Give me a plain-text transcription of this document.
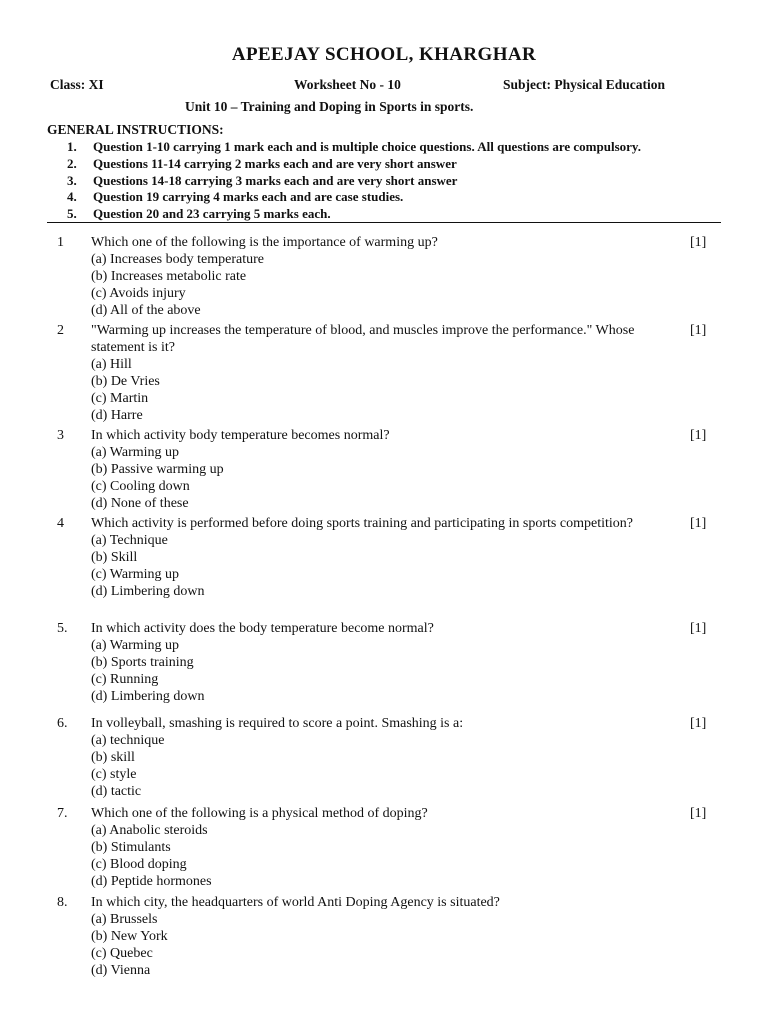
APEEJAY SCHOOL, KHARGHAR
Class: XI	Worksheet No - 10	Subject: Physical Education
Unit 10 – Training and Doping in Sports in sports.
GENERAL INSTRUCTIONS:
1. Question 1-10 carrying 1 mark each and is multiple choice questions. All questions are compulsory.
2. Questions 11-14 carrying 2 marks each and are very short answer
3. Questions 14-18 carrying 3 marks each and are very short answer
4. Question 19 carrying 4 marks each and are case studies.
5. Question 20 and 23 carrying 5 marks each.
1 Which one of the following is the importance of warming up?
(a) Increases body temperature
(b) Increases metabolic rate
(c) Avoids injury
(d) All of the above
[1]
2 "Warming up increases the temperature of blood, and muscles improve the performance." Whose statement is it?
(a) Hill
(b) De Vries
(c) Martin
(d) Harre
[1]
3 In which activity body temperature becomes normal?
(a) Warming up
(b) Passive warming up
(c) Cooling down
(d) None of these
[1]
4 Which activity is performed before doing sports training and participating in sports competition?
(a) Technique
(b) Skill
(c) Warming up
(d) Limbering down
[1]
5. In which activity does the body temperature become normal?
(a) Warming up
(b) Sports training
(c) Running
(d) Limbering down
[1]
6. In volleyball, smashing is required to score a point. Smashing is a:
(a) technique
(b) skill
(c) style
(d) tactic
[1]
7. Which one of the following is a physical method of doping?
(a) Anabolic steroids
(b) Stimulants
(c) Blood doping
(d) Peptide hormones
[1]
8. In which city, the headquarters of world Anti Doping Agency is situated?
(a) Brussels
(b) New York
(c) Quebec
(d) Vienna
